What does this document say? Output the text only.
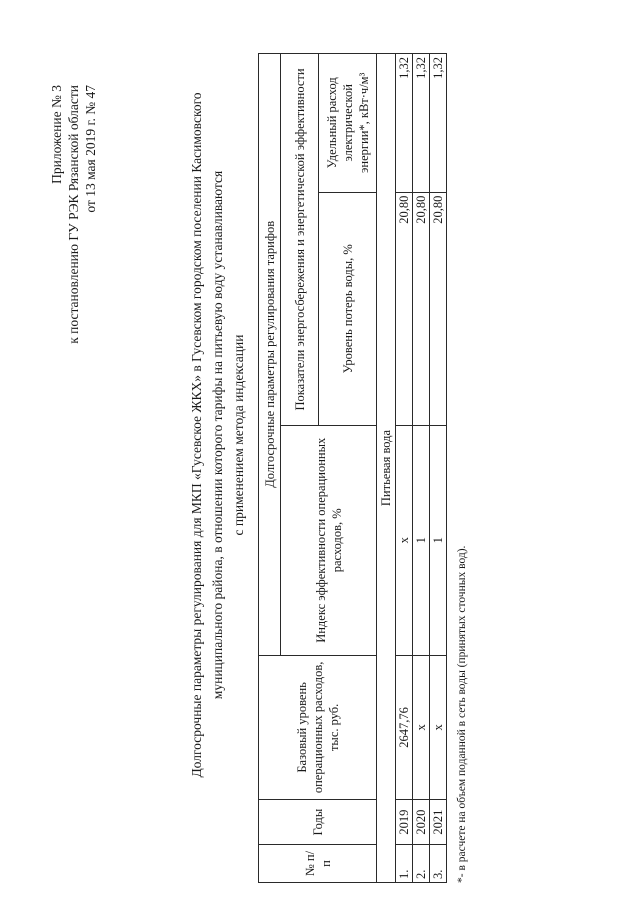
Приложение № 3 к постановлению ГУ РЭК Рязанской области от 13 мая 2019 г. № 47	Долгосрочные параметры регулирования для МКП «Гусевское ЖКХ» в Гусевском городском поселении Касимовского муниципального района, в отношении которого тарифы на питьевую воду устанавливаются с применением метода индексации
№ п/п	Годы	Базовый уровень операционных расходов, тыс. руб.	Долгосрочные параметры регулирования тарифов		
			Индекс эффективности операционных расходов, %	Показатели энергосбережения и энергетической эффективности	
				Уровень потерь воды, %	Удельный расход электрической энергии*, кВт·ч/м³
Питьевая вода					
1.	2019	2647,76	х	20,80	1,32
2.	2020	х	1	20,80	1,32
3.	2021	х	1	20,80	1,32
*- в расчете на объем поданной в сеть воды (принятых сточных вод).
